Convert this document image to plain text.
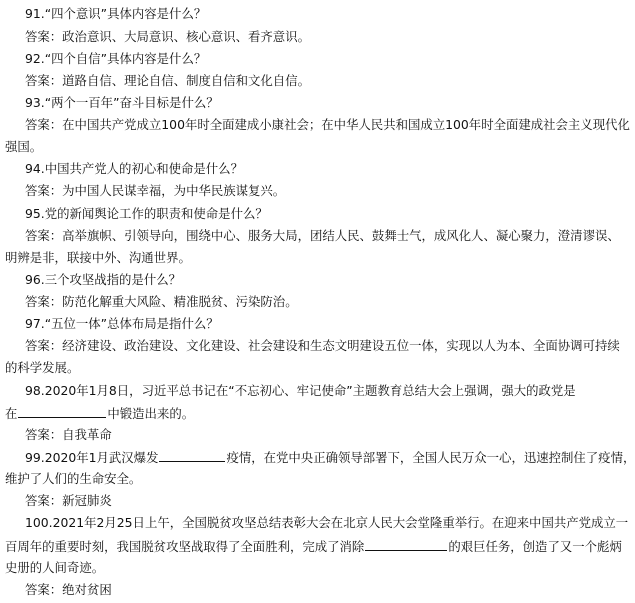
91.“四个意识”具体内容是什么？
答案：政治意识、大局意识、核心意识、看齐意识。
92.“四个自信”具体内容是什么？
答案：道路自信、理论自信、制度自信和文化自信。
93.“两个一百年”奋斗目标是什么？
答案：在中国共产党成立100年时全面建成小康社会；在中华人民共和国成立100年时全面建成社会主义现代化
强国。
94.中国共产党人的初心和使命是什么？
答案：为中国人民谋幸福，为中华民族谋复兴。
95.党的新闻舆论工作的职责和使命是什么？
答案：高举旗帜、引领导向，围绕中心、服务大局，团结人民、鼓舞士气，成风化人、凝心聚力，澄清谬误、
明辨是非，联接中外、沟通世界。
96.三个攻坚战指的是什么？
答案：防范化解重大风险、精准脱贫、污染防治。
97.“五位一体”总体布局是指什么？
答案：经济建设、政治建设、文化建设、社会建设和生态文明建设五位一体，实现以人为本、全面协调可持续
的科学发展。
98.2020年1月8日，习近平总书记在“不忘初心、牢记使命”主题教育总结大会上强调，强大的政党是
在	中锻造出来的。
答案：自我革命
99.2020年1月武汉爆发	疫情，在党中央正确领导部署下，全国人民万众一心，迅速控制住了疫情，
维护了人们的生命安全。
答案：新冠肺炎
100.2021年2月25日上午，全国脱贫攻坚总结表彰大会在北京人民大会堂隆重举行。在迎来中国共产党成立一
百周年的重要时刻，我国脱贫攻坚战取得了全面胜利，完成了消除	的艰巨任务，创造了又一个彪炳
史册的人间奇迹。
答案：绝对贫困
